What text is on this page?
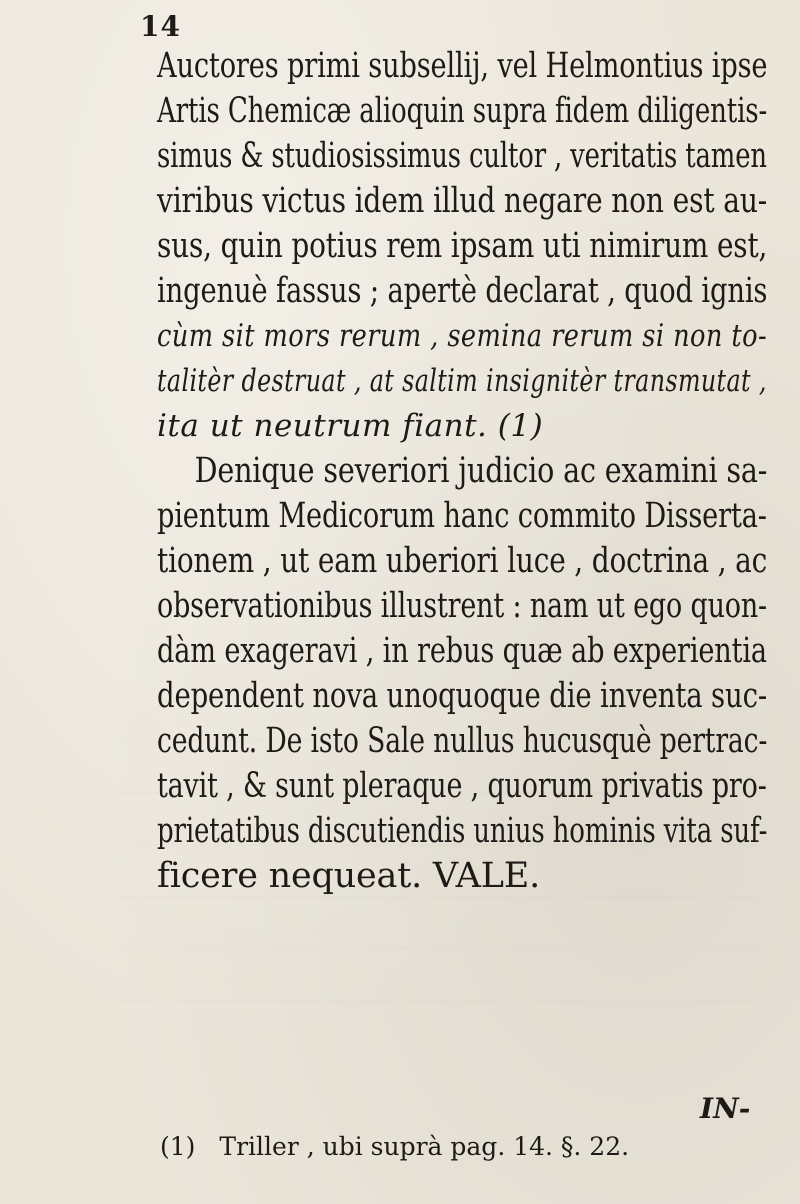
14
Auctores primi subsellij, vel Helmontius ipse
Artis Chemicæ alioquin supra fidem diligentis-
simus & studiosissimus cultor , veritatis tamen
viribus victus idem illud negare non est au-
sus, quin potius rem ipsam uti nimirum est,
ingenuè fassus ; apertè declarat , quod ignis
cùm sit mors rerum , semina rerum si non to-
talitèr destruat , at saltim insignitèr transmutat ,
ita ut neutrum fiant. (1)
Denique severiori judicio ac examini sa-
pientum Medicorum hanc commito Disserta-
tionem , ut eam uberiori luce , doctrina , ac
observationibus illustrent : nam ut ego quon-
dàm exageravi , in rebus quæ ab experientia
dependent nova unoquoque die inventa suc-
cedunt. De isto Sale nullus hucusquè pertrac-
tavit , & sunt pleraque , quorum privatis pro-
prietatibus discutiendis unius hominis vita suf-
ficere nequeat. VALE.
IN-
(1) Triller , ubi suprà pag. 14. §. 22.
